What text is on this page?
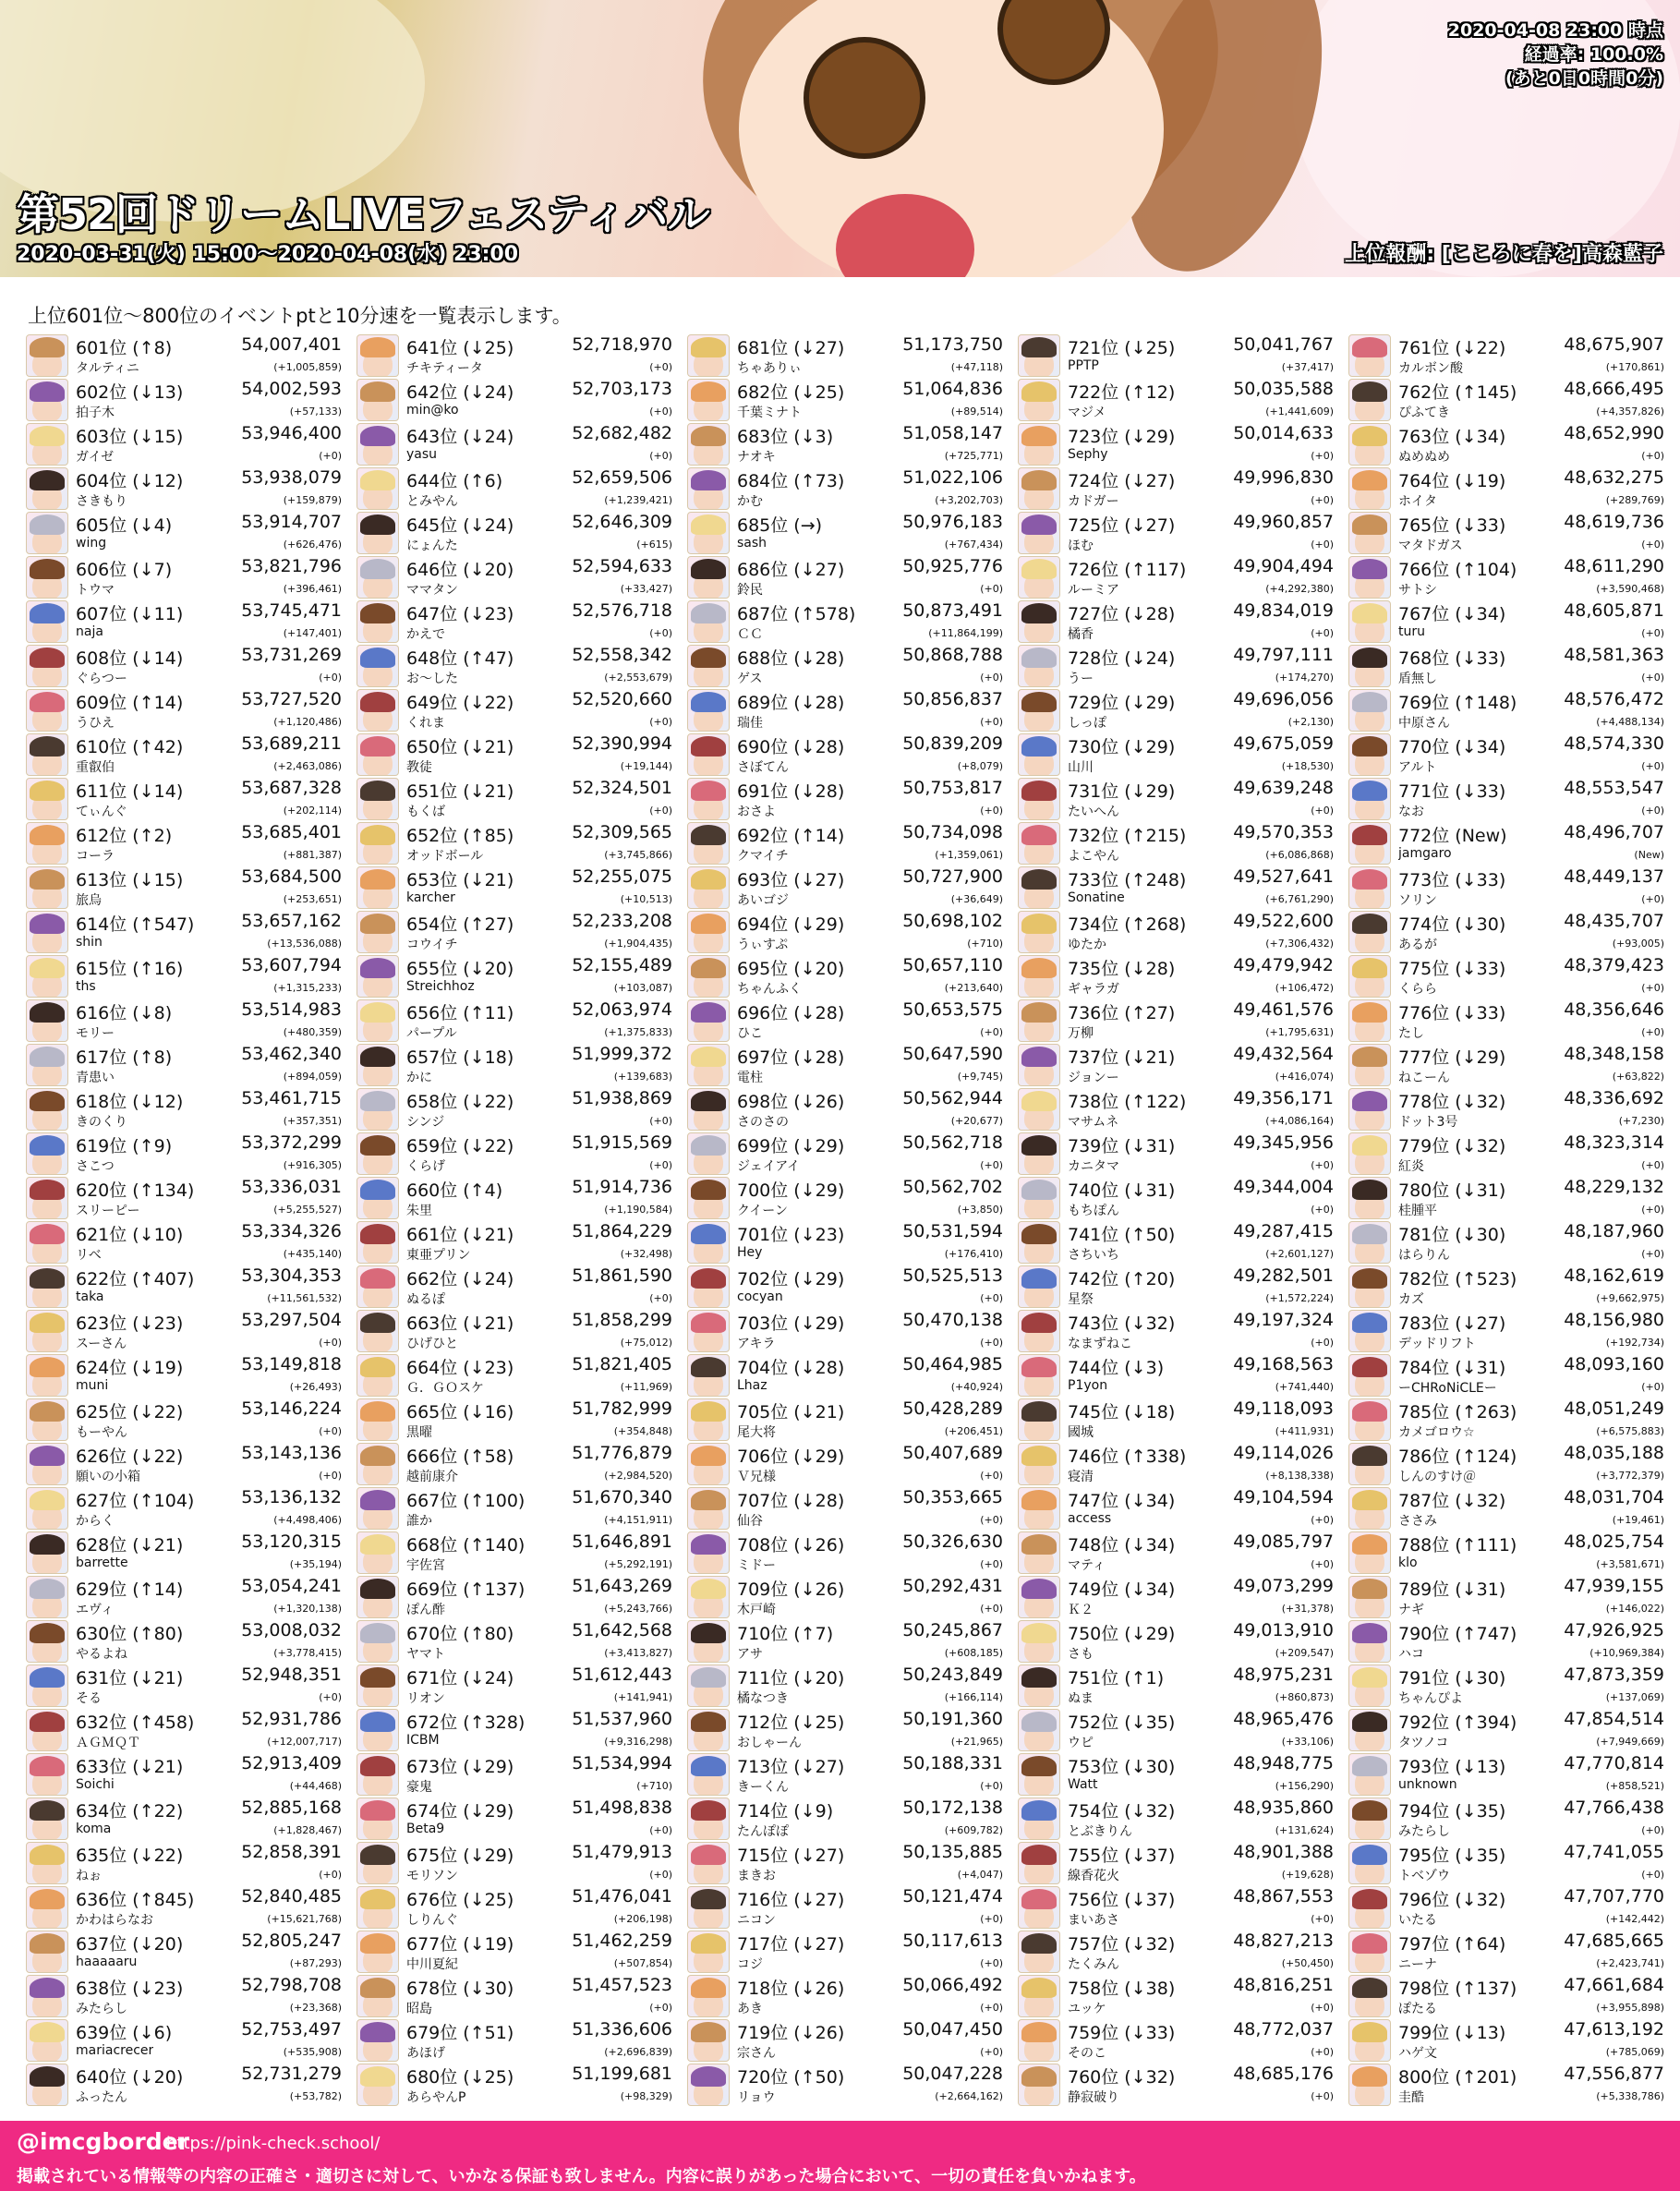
第52回ドリームLIVEフェスティバル
2020-03-31(火) 15:00〜2020-04-08(水) 23:00	上位報酬: [こころに春を]高森藍子
2020-04-08 23:00 時点
経過率: 100.0%
(あと0日0時間0分)
上位601位〜800位のイベントptと10分速を一覧表示します。
601位 (↑8)	54,007,401
タルティニ	(+1,005,859)
602位 (↓13)	54,002,593
拍子木	(+57,133)
603位 (↓15)	53,946,400
ガイゼ	(+0)
604位 (↓12)	53,938,079
さきもり	(+159,879)
605位 (↓4)	53,914,707
wing	(+626,476)
606位 (↓7)	53,821,796
トウマ	(+396,461)
607位 (↓11)	53,745,471
naja	(+147,401)
608位 (↓14)	53,731,269
ぐらつー	(+0)
609位 (↑14)	53,727,520
うひえ	(+1,120,486)
610位 (↑42)	53,689,211
重叡伯	(+2,463,086)
611位 (↓14)	53,687,328
てぃんぐ	(+202,114)
612位 (↑2)	53,685,401
コーラ	(+881,387)
613位 (↓15)	53,684,500
旅烏	(+253,651)
614位 (↑547)	53,657,162
shin	(+13,536,088)
615位 (↑16)	53,607,794
ths	(+1,315,233)
616位 (↓8)	53,514,983
モリー	(+480,359)
617位 (↑8)	53,462,340
青患い	(+894,059)
618位 (↓12)	53,461,715
きのくり	(+357,351)
619位 (↑9)	53,372,299
さこつ	(+916,305)
620位 (↑134)	53,336,031
スリーピー	(+5,255,527)
621位 (↓10)	53,334,326
リベ	(+435,140)
622位 (↑407)	53,304,353
taka	(+11,561,532)
623位 (↓23)	53,297,504
スーさん	(+0)
624位 (↓19)	53,149,818
muni	(+26,493)
625位 (↓22)	53,146,224
もーやん	(+0)
626位 (↓22)	53,143,136
願いの小箱	(+0)
627位 (↑104)	53,136,132
からく	(+4,498,406)
628位 (↓21)	53,120,315
barrette	(+35,194)
629位 (↑14)	53,054,241
エヴィ	(+1,320,138)
630位 (↑80)	53,008,032
やるよね	(+3,778,415)
631位 (↓21)	52,948,351
そる	(+0)
632位 (↑458)	52,931,786
ＡＧＭＱＴ	(+12,007,717)
633位 (↓21)	52,913,409
Soichi	(+44,468)
634位 (↑22)	52,885,168
koma	(+1,828,467)
635位 (↓22)	52,858,391
ねぉ	(+0)
636位 (↑845)	52,840,485
かわはらなお	(+15,621,768)
637位 (↓20)	52,805,247
haaaaaru	(+87,293)
638位 (↓23)	52,798,708
みたらし	(+23,368)
639位 (↓6)	52,753,497
mariacrecer	(+535,908)
640位 (↓20)	52,731,279
ふったん	(+53,782)
641位 (↓25)	52,718,970
チキティータ	(+0)
642位 (↓24)	52,703,173
min@ko	(+0)
643位 (↓24)	52,682,482
yasu	(+0)
644位 (↑6)	52,659,506
とみやん	(+1,239,421)
645位 (↓24)	52,646,309
にょんた	(+615)
646位 (↓20)	52,594,633
ママタン	(+33,427)
647位 (↓23)	52,576,718
かえで	(+0)
648位 (↑47)	52,558,342
お～した	(+2,553,679)
649位 (↓22)	52,520,660
くれま	(+0)
650位 (↓21)	52,390,994
教徒	(+19,144)
651位 (↓21)	52,324,501
もくば	(+0)
652位 (↑85)	52,309,565
オッドボール	(+3,745,866)
653位 (↓21)	52,255,075
karcher	(+10,513)
654位 (↑27)	52,233,208
コウイチ	(+1,904,435)
655位 (↓20)	52,155,489
Streichhoz	(+103,087)
656位 (↑11)	52,063,974
パープル	(+1,375,833)
657位 (↓18)	51,999,372
かに	(+139,683)
658位 (↓22)	51,938,869
シンジ	(+0)
659位 (↓22)	51,915,569
くらげ	(+0)
660位 (↑4)	51,914,736
朱里	(+1,190,584)
661位 (↓21)	51,864,229
東亜プリン	(+32,498)
662位 (↓24)	51,861,590
ぬるぽ	(+0)
663位 (↓21)	51,858,299
ひげひと	(+75,012)
664位 (↓23)	51,821,405
Ｇ．ＧＯスケ	(+11,969)
665位 (↓16)	51,782,999
黒曜	(+354,848)
666位 (↑58)	51,776,879
越前康介	(+2,984,520)
667位 (↑100)	51,670,340
誰か	(+4,151,911)
668位 (↑140)	51,646,891
宇佐宮	(+5,292,191)
669位 (↑137)	51,643,269
ぽん酢	(+5,243,766)
670位 (↑80)	51,642,568
ヤマト	(+3,413,827)
671位 (↓24)	51,612,443
リオン	(+141,941)
672位 (↑328)	51,537,960
ICBM	(+9,316,298)
673位 (↓29)	51,534,994
豪鬼	(+710)
674位 (↓29)	51,498,838
Beta9	(+0)
675位 (↓29)	51,479,913
モリソン	(+0)
676位 (↓25)	51,476,041
しりんぐ	(+206,198)
677位 (↓19)	51,462,259
中川夏紀	(+507,854)
678位 (↓30)	51,457,523
昭島	(+0)
679位 (↑51)	51,336,606
あほげ	(+2,696,839)
680位 (↓25)	51,199,681
あらやんP	(+98,329)
681位 (↓27)	51,173,750
ちゃありぃ	(+47,118)
682位 (↓25)	51,064,836
千葉ミナト	(+89,514)
683位 (↓3)	51,058,147
ナオキ	(+725,771)
684位 (↑73)	51,022,106
かむ	(+3,202,703)
685位 (→)	50,976,183
sash	(+767,434)
686位 (↓27)	50,925,776
鈴民	(+0)
687位 (↑578)	50,873,491
ＣＣ	(+11,864,199)
688位 (↓28)	50,868,788
ゲス	(+0)
689位 (↓28)	50,856,837
瑞佳	(+0)
690位 (↓28)	50,839,209
さぼてん	(+8,079)
691位 (↓28)	50,753,817
おさよ	(+0)
692位 (↑14)	50,734,098
クマイチ	(+1,359,061)
693位 (↓27)	50,727,900
あいゴジ	(+36,649)
694位 (↓29)	50,698,102
うぃすぷ	(+710)
695位 (↓20)	50,657,110
ちゃんふく	(+213,640)
696位 (↓28)	50,653,575
ひこ	(+0)
697位 (↓28)	50,647,590
電柱	(+9,745)
698位 (↓26)	50,562,944
さのさの	(+20,677)
699位 (↓29)	50,562,718
ジェイアイ	(+0)
700位 (↓29)	50,562,702
クイーン	(+3,850)
701位 (↓23)	50,531,594
Hey	(+176,410)
702位 (↓29)	50,525,513
cocyan	(+0)
703位 (↓29)	50,470,138
アキラ	(+0)
704位 (↓28)	50,464,985
Lhaz	(+40,924)
705位 (↓21)	50,428,289
尾大将	(+206,451)
706位 (↓29)	50,407,689
Ｖ兄様	(+0)
707位 (↓28)	50,353,665
仙谷	(+0)
708位 (↓26)	50,326,630
ミドー	(+0)
709位 (↓26)	50,292,431
木戸崎	(+0)
710位 (↑7)	50,245,867
アサ	(+608,185)
711位 (↓20)	50,243,849
橘なつき	(+166,114)
712位 (↓25)	50,191,360
おしゃーん	(+21,965)
713位 (↓27)	50,188,331
きーくん	(+0)
714位 (↓9)	50,172,138
たんぽぽ	(+609,782)
715位 (↓27)	50,135,885
まきお	(+4,047)
716位 (↓27)	50,121,474
ニコン	(+0)
717位 (↓27)	50,117,613
コジ	(+0)
718位 (↓26)	50,066,492
あき	(+0)
719位 (↓26)	50,047,450
宗さん	(+0)
720位 (↑50)	50,047,228
リョウ	(+2,664,162)
721位 (↓25)	50,041,767
PPTP	(+37,417)
722位 (↑12)	50,035,588
マジメ	(+1,441,609)
723位 (↓29)	50,014,633
Sephy	(+0)
724位 (↓27)	49,996,830
カドガー	(+0)
725位 (↓27)	49,960,857
ほむ	(+0)
726位 (↑117)	49,904,494
ルーミア	(+4,292,380)
727位 (↓28)	49,834,019
橘香	(+0)
728位 (↓24)	49,797,111
うー	(+174,270)
729位 (↓29)	49,696,056
しっぽ	(+2,130)
730位 (↓29)	49,675,059
山川	(+18,530)
731位 (↓29)	49,639,248
たいへん	(+0)
732位 (↑215)	49,570,353
よこやん	(+6,086,868)
733位 (↑248)	49,527,641
Sonatine	(+6,761,290)
734位 (↑268)	49,522,600
ゆたか	(+7,306,432)
735位 (↓28)	49,479,942
ギャラガ	(+106,472)
736位 (↑27)	49,461,576
万柳	(+1,795,631)
737位 (↓21)	49,432,564
ジョンー	(+416,074)
738位 (↑122)	49,356,171
マサムネ	(+4,086,164)
739位 (↓31)	49,345,956
カニタマ	(+0)
740位 (↓31)	49,344,004
もちぽん	(+0)
741位 (↑50)	49,287,415
さちいち	(+2,601,127)
742位 (↑20)	49,282,501
星祭	(+1,572,224)
743位 (↓32)	49,197,324
なまずねこ	(+0)
744位 (↓3)	49,168,563
P1yon	(+741,440)
745位 (↓18)	49,118,093
國城	(+411,931)
746位 (↑338)	49,114,026
寝清	(+8,138,338)
747位 (↓34)	49,104,594
access	(+0)
748位 (↓34)	49,085,797
マティ	(+0)
749位 (↓34)	49,073,299
Ｋ２	(+31,378)
750位 (↓29)	49,013,910
さも	(+209,547)
751位 (↑1)	48,975,231
ぬま	(+860,873)
752位 (↓35)	48,965,476
ウピ	(+33,106)
753位 (↓30)	48,948,775
Watt	(+156,290)
754位 (↓32)	48,935,860
とぶきりん	(+131,624)
755位 (↓37)	48,901,388
線香花火	(+19,628)
756位 (↓37)	48,867,553
まいあさ	(+0)
757位 (↓32)	48,827,213
たくみん	(+50,450)
758位 (↓38)	48,816,251
ユッケ	(+0)
759位 (↓33)	48,772,037
そのこ	(+0)
760位 (↓32)	48,685,176
静寂破り	(+0)
761位 (↓22)	48,675,907
カルボン酸	(+170,861)
762位 (↑145)	48,666,495
ぴふてき	(+4,357,826)
763位 (↓34)	48,652,990
ぬめぬめ	(+0)
764位 (↓19)	48,632,275
ホイタ	(+289,769)
765位 (↓33)	48,619,736
マタドガス	(+0)
766位 (↑104)	48,611,290
サトシ	(+3,590,468)
767位 (↓34)	48,605,871
turu	(+0)
768位 (↓33)	48,581,363
盾無し	(+0)
769位 (↑148)	48,576,472
中原さん	(+4,488,134)
770位 (↓34)	48,574,330
アルト	(+0)
771位 (↓33)	48,553,547
なお	(+0)
772位 (New)	48,496,707
jamgaro	(New)
773位 (↓33)	48,449,137
ソリン	(+0)
774位 (↓30)	48,435,707
あるが	(+93,005)
775位 (↓33)	48,379,423
くらら	(+0)
776位 (↓33)	48,356,646
たし	(+0)
777位 (↓29)	48,348,158
ねこーん	(+63,822)
778位 (↓32)	48,336,692
ドット3号	(+7,230)
779位 (↓32)	48,323,314
紅炎	(+0)
780位 (↓31)	48,229,132
桂腫平	(+0)
781位 (↓30)	48,187,960
はらりん	(+0)
782位 (↑523)	48,162,619
カズ	(+9,662,975)
783位 (↓27)	48,156,980
デッドリフト	(+192,734)
784位 (↓31)	48,093,160
ーCHRoNiCLEー	(+0)
785位 (↑263)	48,051,249
カメゴロウ☆	(+6,575,883)
786位 (↑124)	48,035,188
しんのすけ＠	(+3,772,379)
787位 (↓32)	48,031,704
ささみ	(+19,461)
788位 (↑111)	48,025,754
klo	(+3,581,671)
789位 (↓31)	47,939,155
ナギ	(+146,022)
790位 (↑747)	47,926,925
ハコ	(+10,969,384)
791位 (↓30)	47,873,359
ちゃんぴよ	(+137,069)
792位 (↑394)	47,854,514
タツノコ	(+7,949,669)
793位 (↓13)	47,770,814
unknown	(+858,521)
794位 (↓35)	47,766,438
みたらし	(+0)
795位 (↓35)	47,741,055
トベゾウ	(+0)
796位 (↓32)	47,707,770
いたる	(+142,442)
797位 (↑64)	47,685,665
ニーナ	(+2,423,741)
798位 (↑137)	47,661,684
ぽたる	(+3,955,898)
799位 (↓13)	47,613,192
ハゲ文	(+785,069)
800位 (↑201)	47,556,877
圭酷	(+5,338,786)
@imcgborder
https://pink-check.school/
掲載されている情報等の内容の正確さ・適切さに対して、いかなる保証も致しません。内容に誤りがあった場合において、一切の責任を負いかねます。
